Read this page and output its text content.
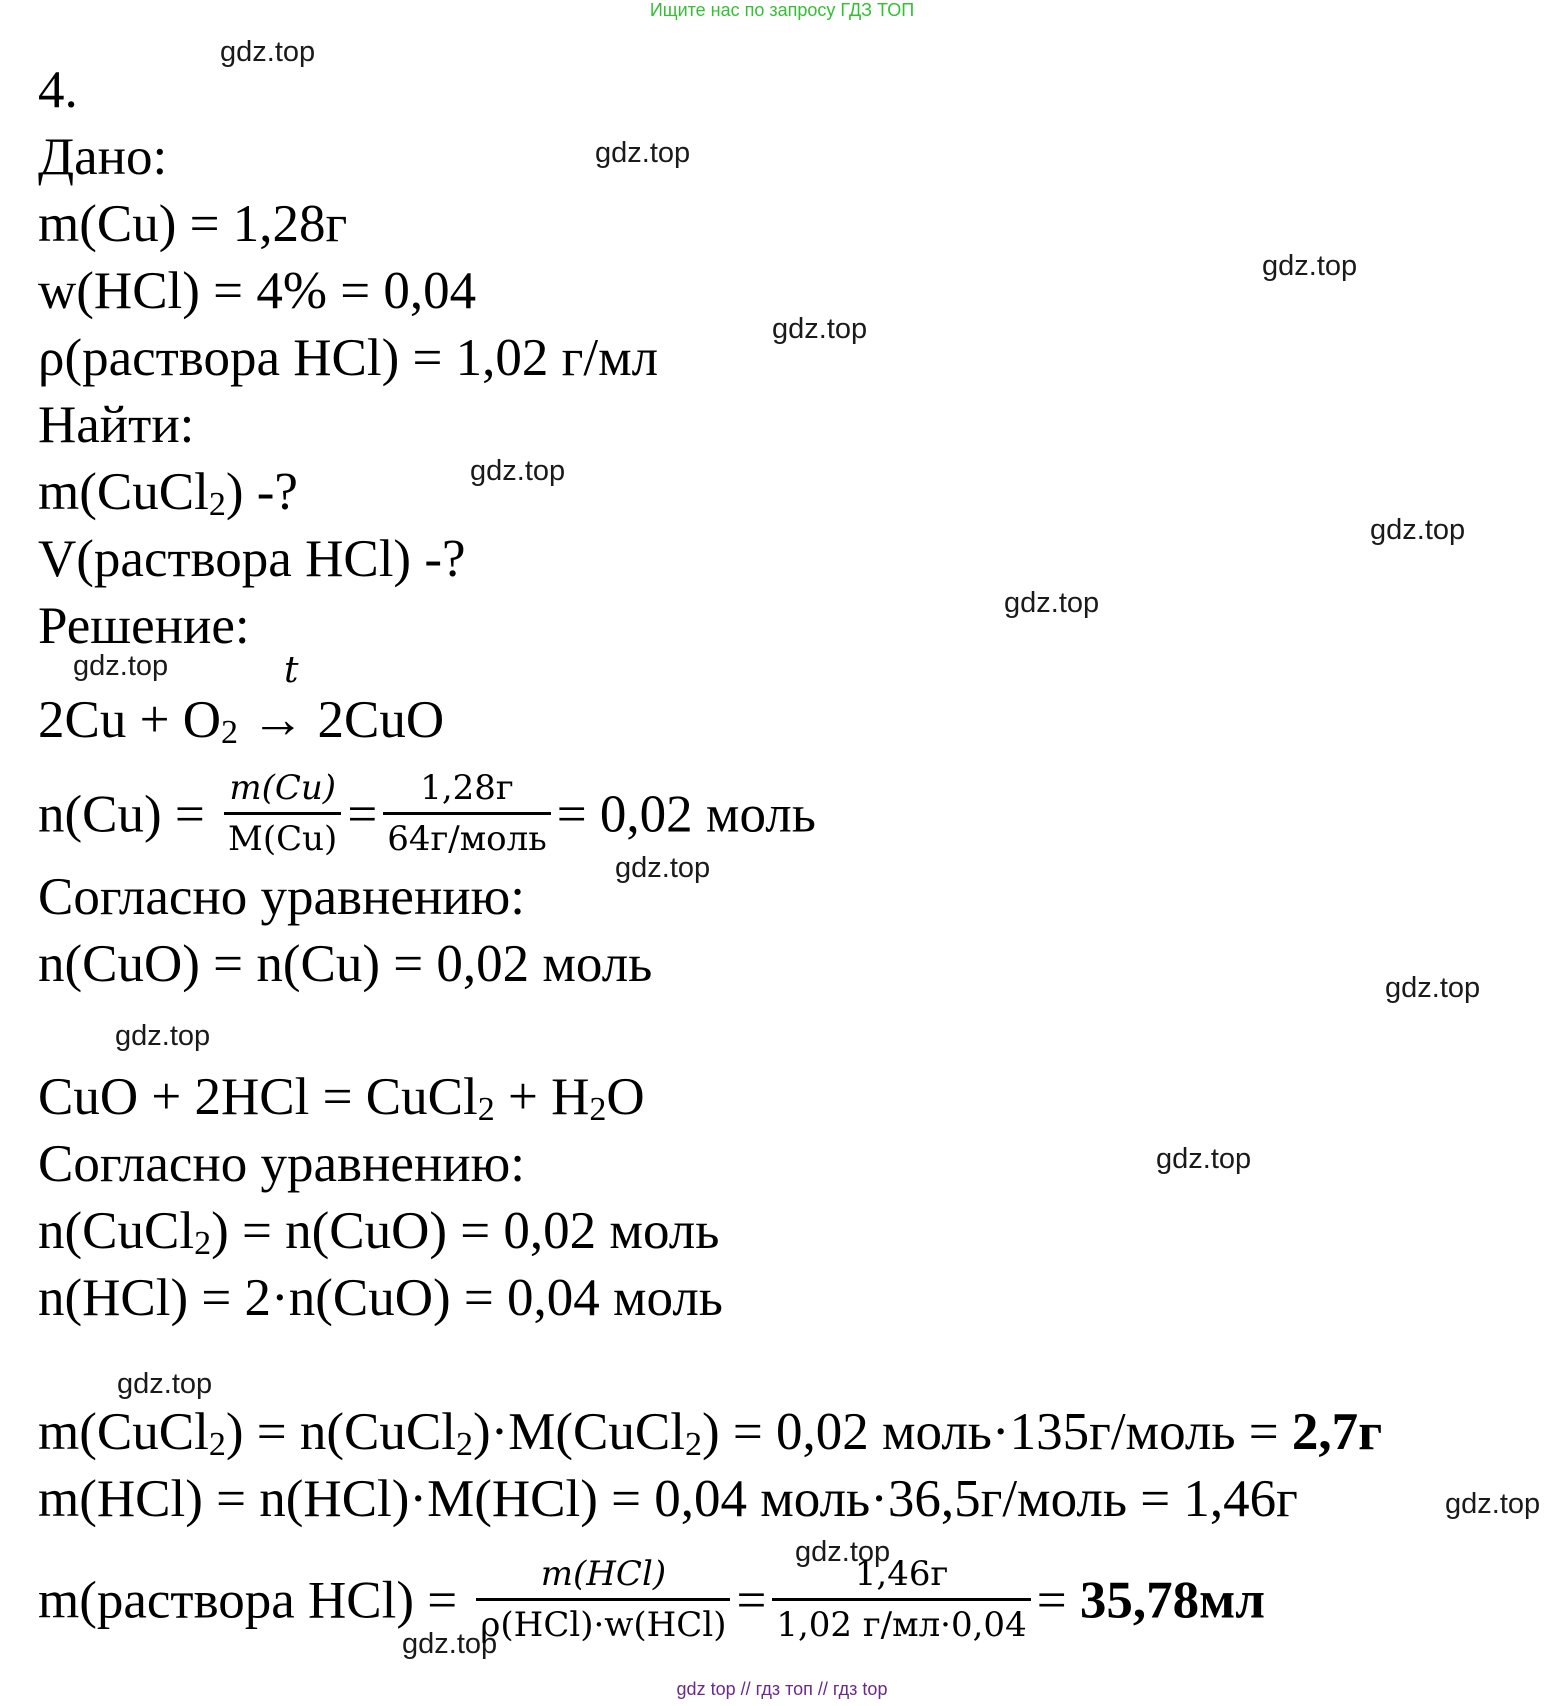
Ищите нас по запросу ГДЗ ТОП
gdz.top
gdz.top
gdz.top
gdz.top
gdz.top
gdz.top
gdz.top
gdz.top
gdz.top
gdz.top
gdz.top
gdz.top
gdz.top
gdz.top
gdz.top
gdz.top
4.
Дано:
m(Cu) = 1,28г
w(HCl) = 4% = 0,04
ρ(раствора HCl) = 1,02 г/мл
Найти:
m(CuCl$_2$) -?
V(раствора HCl) -?
Решение:
t
$2Cu + O_2 \to 2CuO$
$n(Cu) = \frac{m(Cu)}{M(Cu)} = \frac{1,28г}{\text{64г/моль}} = 0,02$ моль
Согласно уравнению:
n(CuO) = n(Cu) = 0,02 моль
CuO + 2HCl = CuCl$_2$ + $H_2O$
Согласно уравнению:
n(CuCl$_2$) = n(CuO) = 0,02 моль
n(HCl) = 2·n(CuO) = 0,04 моль
m(CuCl$_2$) = n(CuCl$_2$)·M(CuCl$_2$) = 0,02 моль·135г/моль = 2,7г
m(HCl) = n(HCl)·M(HCl) = 0,04 моль·36,5г/моль = 1,46г
m(раствора $HCl) = \frac{\text{m(HCl)}}{\text{ρ(HCl)·w(HCl)}} = \frac{1,46г}{1,02 г/мл\cdot 0,04} = 35,78мл$
gdz top // гдз топ // гдз top
